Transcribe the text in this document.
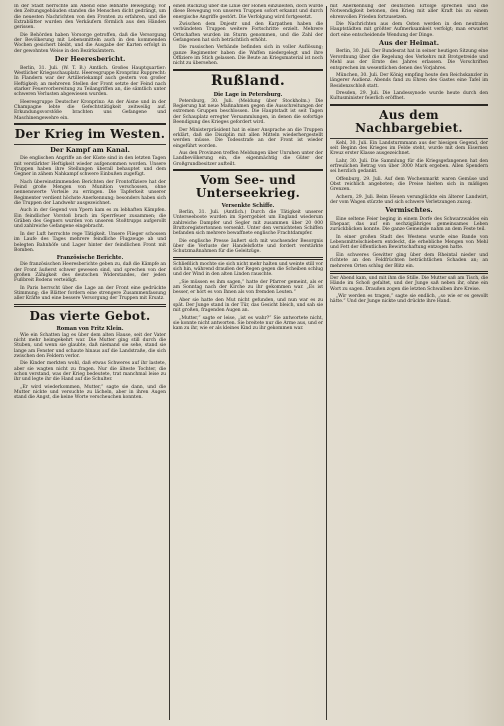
In der Stadt herrschte am Abend eine lebhafte Bewegung; vor den Zeitungsgebäuden standen die Menschen dicht gedrängt, um die neuesten Nachrichten von den Fronten zu erfahren, und die Extrablätter wurden den Verkäufern förmlich aus den Händen gerissen.

Die Behörden haben Vorsorge getroffen, daß die Versorgung der Bevölkerung mit Lebensmitteln auch in den kommenden Wochen gesichert bleibt, und die Ausgabe der Karten erfolgt in der gewohnten Weise in den Bezirksämtern.

Der Heeresbericht.

Berlin, 31. Juli. (W. T. B.) Amtlich. Großes Hauptquartier: Westlicher Kriegsschauplatz. Heeresgruppe Kronprinz Rupprecht: In Flandern war der Artilleriekampf auch gestern von großer Heftigkeit; an mehreren Stellen der Front setzte der Feind nach starker Feuervorbereitung zu Teilangriffen an, die sämtlich unter schweren Verlusten abgewiesen wurden.

Heeresgruppe Deutscher Kronprinz: An der Aisne und in der Champagne lebte die Gefechtstätigkeit zeitweilig auf. Erkundungsvorstöße brachten uns Gefangene und Maschinengewehre ein.

Der Krieg im Westen.
Der Kampf am Kanal.

Die englischen Angriffe an der Küste sind in den letzten Tagen mit verstärkter Heftigkeit wieder aufgenommen worden. Unsere Truppen haben ihre Stellungen überall behauptet und dem Gegner in zähem Nahkampf schwere Einbußen zugefügt.

Nach übereinstimmenden Berichten der Frontoffiziere hat der Feind große Mengen von Munition verschossen, ohne nennenswerte Vorteile zu erringen. Die Tapferkeit unserer Regimenter verdient höchste Anerkennung; besonders haben sich die Truppen der Landwehr ausgezeichnet.

Auch in der Gegend von Ypern kam es zu lebhaften Kämpfen. Ein feindlicher Vorstoß brach im Sperrfeuer zusammen; die Gräben des Gegners wurden von unseren Stoßtrupps aufgerollt und zahlreiche Gefangene eingebracht.

In der Luft herrschte rege Tätigkeit. Unsere Flieger schossen im Laufe des Tages mehrere feindliche Flugzeuge ab und belegten Bahnhöfe und Lager hinter der feindlichen Front mit Bomben.

Französische Berichte.

Die französischen Heeresberichte geben zu, daß die Kämpfe an der Front äußerst schwer gewesen sind, und sprechen von der großen Zähigkeit des deutschen Widerstandes, der jeden Fußbreit Bodens verteidigt.

In Paris herrscht über die Lage an der Front eine gedrückte Stimmung; die Blätter fordern eine strengere Zusammenfassung aller Kräfte und eine bessere Versorgung der Truppen mit Ersatz.

Das vierte Gebot.
Roman von Fritz Klein.

Wie ein Schatten lag es über dem alten Hause, seit der Vater nicht mehr heimgekehrt war. Die Mutter ging still durch die Stuben, und wenn sie glaubte, daß niemand sie sehe, stand sie lange am Fenster und schaute hinaus auf die Landstraße, die sich zwischen den Feldern verlor.

Die Kinder merkten wohl, daß etwas Schweres auf ihr lastete, aber sie wagten nicht zu fragen. Nur die älteste Tochter, die schon verstand, was der Krieg bedeutete, trat manchmal leise zu ihr und legte ihr die Hand auf die Schulter.

„Er wird wiederkommen, Mutter,“ sagte sie dann, und die Mutter nickte und versuchte zu lächeln, aber in ihren Augen stand die Angst, die keine Worte verscheuchen konnten.

einen Rückzug über die Linie der Höhen einzuleiten, doch wurde diese Bewegung von unseren Truppen sofort erkannt und durch energische Angriffe gestört. Die Verfolgung wird fortgesetzt.

Zwischen dem Dnjestr und den Karpathen haben die verbündeten Truppen weitere Fortschritte erzielt. Mehrere Ortschaften wurden im Sturm genommen, und die Zahl der Gefangenen hat sich beträchtlich erhöht.

Die russischen Verbände befinden sich in voller Auflösung; ganze Regimenter haben die Waffen niedergelegt und ihre Offiziere im Stich gelassen. Die Beute an Kriegsmaterial ist noch nicht zu übersehen.

Rußland.
Die Lage in Petersburg.

Petersburg, 30. Juli. (Meldung über Stockholm.) Die Regierung hat neue Maßnahmen gegen die Ausschreitungen der extremen Gruppen beschlossen. Die Hauptstadt ist seit Tagen der Schauplatz erregter Versammlungen, in denen die sofortige Beendigung des Krieges gefordert wird.

Der Ministerpräsident hat in einer Ansprache an die Truppen erklärt, daß die Disziplin mit allen Mitteln wiederhergestellt werden müsse. Die Todesstrafe an der Front ist wieder eingeführt worden.

Aus den Provinzen treffen Meldungen über Unruhen unter der Landbevölkerung ein, die eigenmächtig die Güter der Großgrundbesitzer aufteilt.

Vom See- und Unterseekrieg.
Versenkte Schiffe.

Berlin, 31. Juli. (Amtlich.) Durch die Tätigkeit unserer Unterseeboote wurden im Sperrgebiet um England wiederum zahlreiche Dampfer und Segler mit zusammen über 20 000 Bruttoregistertonnen versenkt. Unter den vernichteten Schiffen befanden sich mehrere bewaffnete englische Frachtdampfer.

Die englische Presse äußert sich mit wachsender Besorgnis über die Verluste der Handelsflotte und fordert verstärkte Schutzmaßnahmen für die Geleitzüge.

Schließlich mochte sie sich nicht mehr halten und weinte still vor sich hin, während draußen der Regen gegen die Scheiben schlug und der Wind in den alten Linden rauschte.

„Sie müssen es ihm sagen,“ hatte der Pfarrer gemeint, als er am Sonntag nach der Kirche zu ihr gekommen war. „Es ist besser, er hört es von Ihnen als von fremden Leuten.“

Aber sie hatte den Mut nicht gefunden, und nun war es zu spät. Der Junge stand in der Tür, das Gesicht bleich, und sah sie mit großen, fragenden Augen an.

„Mutter,“ sagte er leise, „ist es wahr?“ Sie antwortete nicht, sie konnte nicht antworten. Sie breitete nur die Arme aus, und er kam zu ihr, wie er als kleines Kind zu ihr gekommen war.

mit Anerkennung der deutschen Erfolge sprechen und die Notwendigkeit betonen, den Krieg mit aller Kraft bis zu einem ehrenvollen Frieden fortzusetzen.

Die Nachrichten aus dem Osten werden in den neutralen Hauptstädten mit größter Aufmerksamkeit verfolgt; man erwartet dort eine entscheidende Wendung der Dinge.

Aus der Heimat.

Berlin, 30. Juli. Der Bundesrat hat in seiner heutigen Sitzung eine Verordnung über die Regelung des Verkehrs mit Brotgetreide und Mehl aus der Ernte des Jahres erlassen. Die Vorschriften entsprechen im wesentlichen denen des Vorjahres.

München, 30. Juli. Der König empfing heute den Reichskanzler in längerer Audienz. Abends fand zu Ehren des Gastes eine Tafel im Residenzschloß statt.

Dresden, 29. Juli. Die Landessynode wurde heute durch den Kultusminister feierlich eröffnet.

Aus dem Nachbargebiet.

Kehl, 30. Juli. Ein Landsturmmann aus der hiesigen Gegend, der seit Beginn des Krieges im Felde steht, wurde mit dem Eisernen Kreuz erster Klasse ausgezeichnet.

Lahr, 30. Juli. Die Sammlung für die Kriegsgefangenen hat den erfreulichen Betrag von über 3000 Mark ergeben. Allen Spendern sei herzlich gedankt.

Offenburg, 29. Juli. Auf dem Wochenmarkt waren Gemüse und Obst reichlich angeboten; die Preise hielten sich in mäßigen Grenzen.

Achern, 29. Juli. Beim Heuen verunglückte ein älterer Landwirt, der vom Wagen stürzte und sich schwere Verletzungen zuzog.

Vermischtes.

Eine seltene Feier beging in einem Dorfe des Schwarzwaldes ein Ehepaar, das auf ein sechzigjähriges gemeinsames Leben zurückblicken konnte. Die ganze Gemeinde nahm an dem Feste teil.

In einer großen Stadt des Westens wurde eine Bande von Lebensmittelschiebern entdeckt, die erhebliche Mengen von Mehl und Fett der öffentlichen Bewirtschaftung entzogen hatte.

Ein schweres Gewitter ging über dem Rheintal nieder und richtete an den Feldfrüchten beträchtlichen Schaden an; an mehreren Orten schlug der Blitz ein.

Der Abend kam, und mit ihm die Stille. Die Mutter saß am Tisch, die Hände im Schoß gefaltet, und der Junge saß neben ihr, ohne ein Wort zu sagen. Draußen zogen die letzten Schwalben ihre Kreise.

„Wir werden es tragen,“ sagte sie endlich, „so wie er es gewollt hätte.“ Und der Junge nickte und drückte ihre Hand.
